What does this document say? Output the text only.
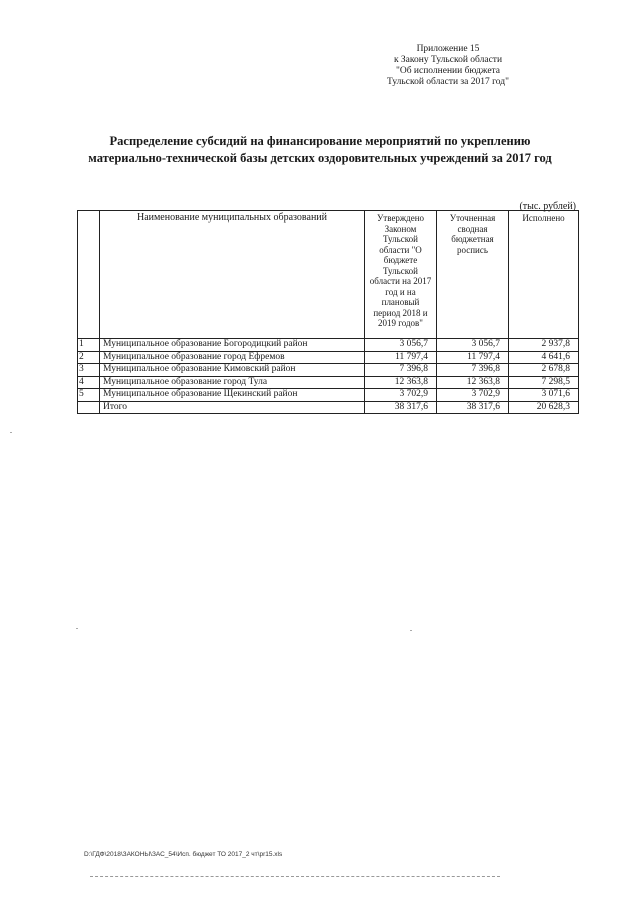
Приложение 15
к Закону Тульской области
"Об исполнении бюджета
Тульской области за 2017 год"
Распределение субсидий на финансирование мероприятий по укреплению
материально-технической базы детских оздоровительных учреждений за 2017 год
(тыс. рублей)
	Наименование муниципальных образований	Утверждено Законом Тульской области "О бюджете Тульской области на 2017 год и на плановый период 2018 и 2019 годов"	Уточненная сводная бюджетная роспись	Исполнено
1	Муниципальное образование Богородицкий район	3 056,7	3 056,7	2 937,8
2	Муниципальное образование город Ефремов	11 797,4	11 797,4	4 641,6
3	Муниципальное образование Кимовский район	7 396,8	7 396,8	2 678,8
4	Муниципальное образование город Тула	12 363,8	12 363,8	7 298,5
5	Муниципальное образование Щекинский район	3 702,9	3 702,9	3 071,6
	Итого	38 317,6	38 317,6	20 628,3
D:\ГДФ\2018\ЗАКОНЫ\ЗАС_54\Исп. бюджет ТО 2017_2 чт\pr15.xls
